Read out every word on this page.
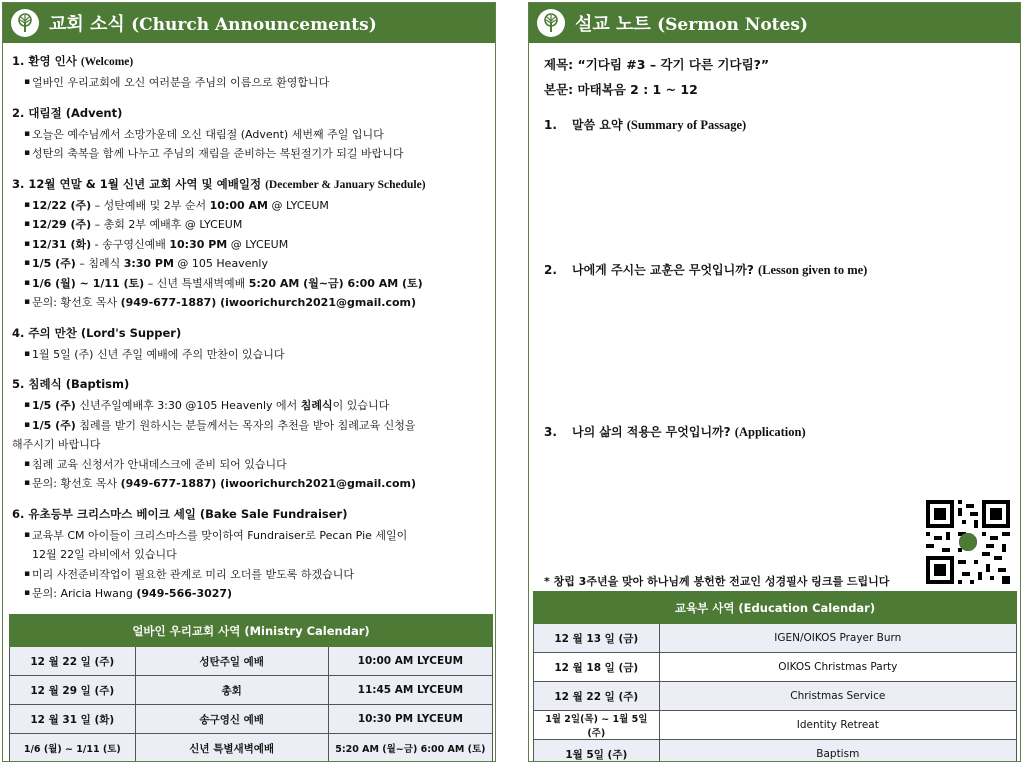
교회 소식 (Church Announcements)
1. 환영 인사 (Welcome)
▪ 얼바인 우리교회에 오신 여러분을 주님의 이름으로 환영합니다
2. 대림절 (Advent)
▪ 오늘은 예수님께서 소망가운데 오신 대림절 (Advent) 세번째 주일 입니다
▪ 성탄의 축복을 함께 나누고 주님의 재림을 준비하는 복된절기가 되길 바랍니다
3. 12월 연말 & 1월 신년 교회 사역 및 예배일정 (December & January Schedule)
▪ 12/22 (주) – 성탄예배 및 2부 순서 10:00 AM @ LYCEUM
▪ 12/29 (주) – 총회 2부 예배후 @ LYCEUM
▪ 12/31 (화) - 송구영신예배 10:30 PM @ LYCEUM
▪ 1/5 (주) – 침례식 3:30 PM @ 105 Heavenly
▪ 1/6 (월) ~ 1/11 (토) – 신년 특별새벽예배 5:20 AM (월~금) 6:00 AM (토)
▪ 문의: 황선호 목사 (949-677-1887) (iwoorichurch2021@gmail.com)
4. 주의 만찬 (Lord's Supper)
▪ 1월 5일 (주) 신년 주일 예배에 주의 만찬이 있습니다
5. 침례식 (Baptism)
▪ 1/5 (주) 신년주일예배후 3:30 @105 Heavenly 에서 침례식이 있습니다
▪ 1/5 (주) 침례를 받기 원하시는 분들께서는 목자의 추천을 받아 침례교육 신청을
해주시기 바랍니다
▪ 침례 교육 신청서가 안내데스크에 준비 되어 있습니다
▪ 문의: 황선호 목사 (949-677-1887) (iwoorichurch2021@gmail.com)
6. 유초등부 크리스마스 베이크 세일 (Bake Sale Fundraiser)
▪ 교육부 CM 아이들이 크리스마스를 맞이하여 Fundraiser로 Pecan Pie 세일이
12월 22일 라비에서 있습니다
▪ 미리 사전준비작업이 필요한 관계로 미리 오더를 받도록 하겠습니다
▪ 문의: Aricia Hwang (949-566-3027)
얼바인 우리교회 사역 (Ministry Calendar)		
12 월 22 일 (주)	성탄주일 예배	10:00 AM LYCEUM
12 월 29 일 (주)	총회	11:45 AM LYCEUM
12 월 31 일 (화)	송구영신 예배	10:30 PM LYCEUM
1/6 (월) ~ 1/11 (토)	신년 특별새벽예배	5:20 AM (월~금) 6:00 AM (토)
설교 노트 (Sermon Notes)
제목: “기다림 #3 – 각기 다른 기다림?”
본문: 마태복음 2 : 1 ~ 12
1. 말씀 요약 (Summary of Passage)
2. 나에게 주시는 교훈은 무엇입니까? (Lesson given to me)
3. 나의 삶의 적용은 무엇입니까? (Application)
* 창립 3주년을 맞아 하나님께 봉헌한 전교인 성경필사 링크를 드립니다
교육부 사역 (Education Calendar)	
12 월 13 일 (금)	IGEN/OIKOS Prayer Burn
12 월 18 일 (금)	OIKOS Christmas Party
12 월 22 일 (주)	Christmas Service
1월 2일(목) ~ 1월 5일(주)	Identity Retreat
1월 5일 (주)	Baptism
